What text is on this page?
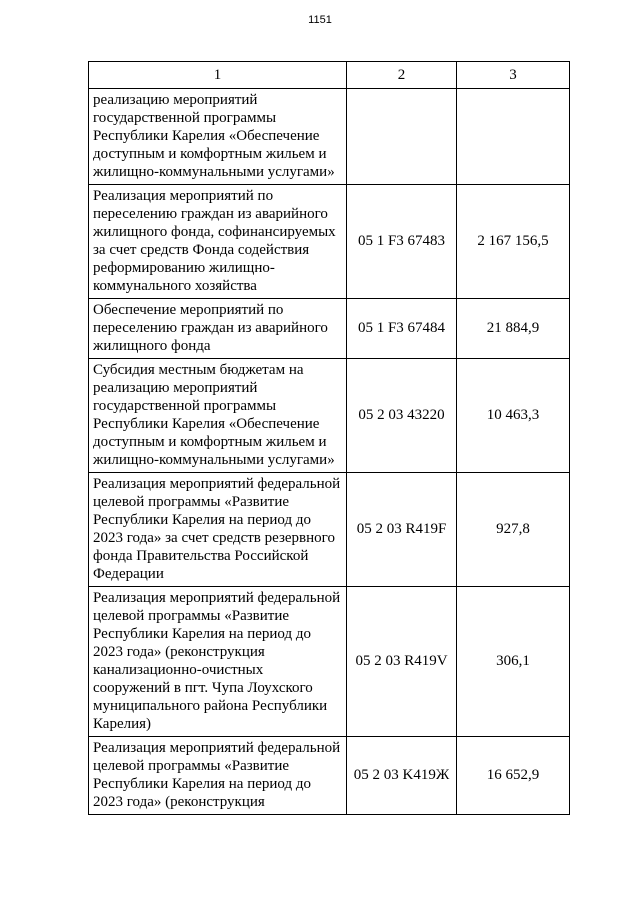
1151
1	2	3
реализацию мероприятий государственной программы Республики Карелия «Обеспечение доступным и комфортным жильем и жилищно-коммунальными услугами»		
Реализация мероприятий по переселению граждан из аварийного жилищного фонда, софинансируемых за счет средств Фонда содействия реформированию жилищно-коммунального хозяйства	05 1 F3 67483	2 167 156,5
Обеспечение мероприятий по переселению граждан из аварийного жилищного фонда	05 1 F3 67484	21 884,9
Субсидия местным бюджетам на реализацию мероприятий государственной программы Республики Карелия «Обеспечение доступным и комфортным жильем и жилищно-коммунальными услугами»	05 2 03 43220	10 463,3
Реализация мероприятий федеральной целевой программы «Развитие Республики Карелия на период до 2023 года» за счет средств резервного фонда Правительства Российской Федерации	05 2 03 R419F	927,8
Реализация мероприятий федеральной целевой программы «Развитие Республики Карелия на период до 2023 года» (реконструкция канализационно-очистных сооружений в пгт. Чупа Лоухского муниципального района Республики Карелия)	05 2 03 R419V	306,1
Реализация мероприятий федеральной целевой программы «Развитие Республики Карелия на период до 2023 года» (реконструкция	05 2 03 K419Ж	16 652,9
